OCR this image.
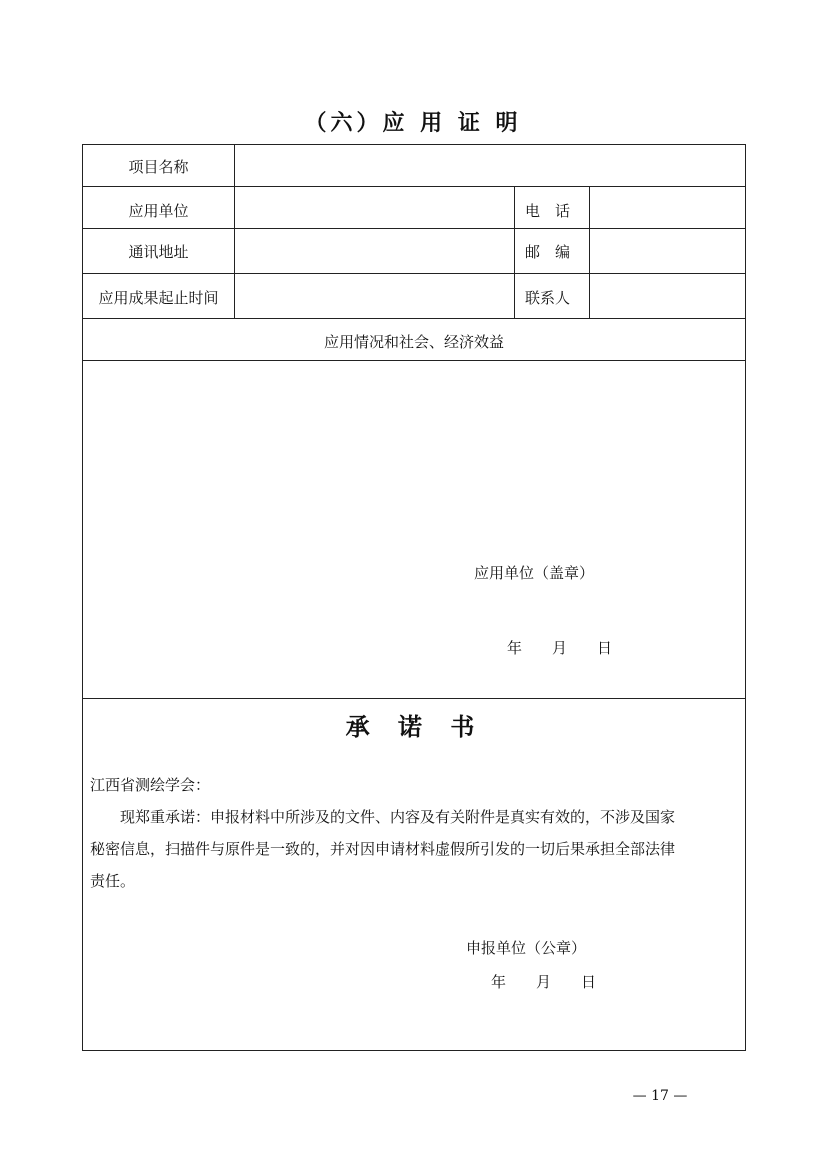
（六）应 用 证 明
项目名称
应用单位	电　话
通讯地址	邮　编
应用成果起止时间	联系人
应用情况和社会、经济效益
应用单位（盖章）
年　　月　　日
承 诺 书
江西省测绘学会：
现郑重承诺：申报材料中所涉及的文件、内容及有关附件是真实有效的，不涉及国家
秘密信息，扫描件与原件是一致的，并对因申请材料虚假所引发的一切后果承担全部法律
责任。
申报单位（公章）
年　　月　　日
— 17 —
